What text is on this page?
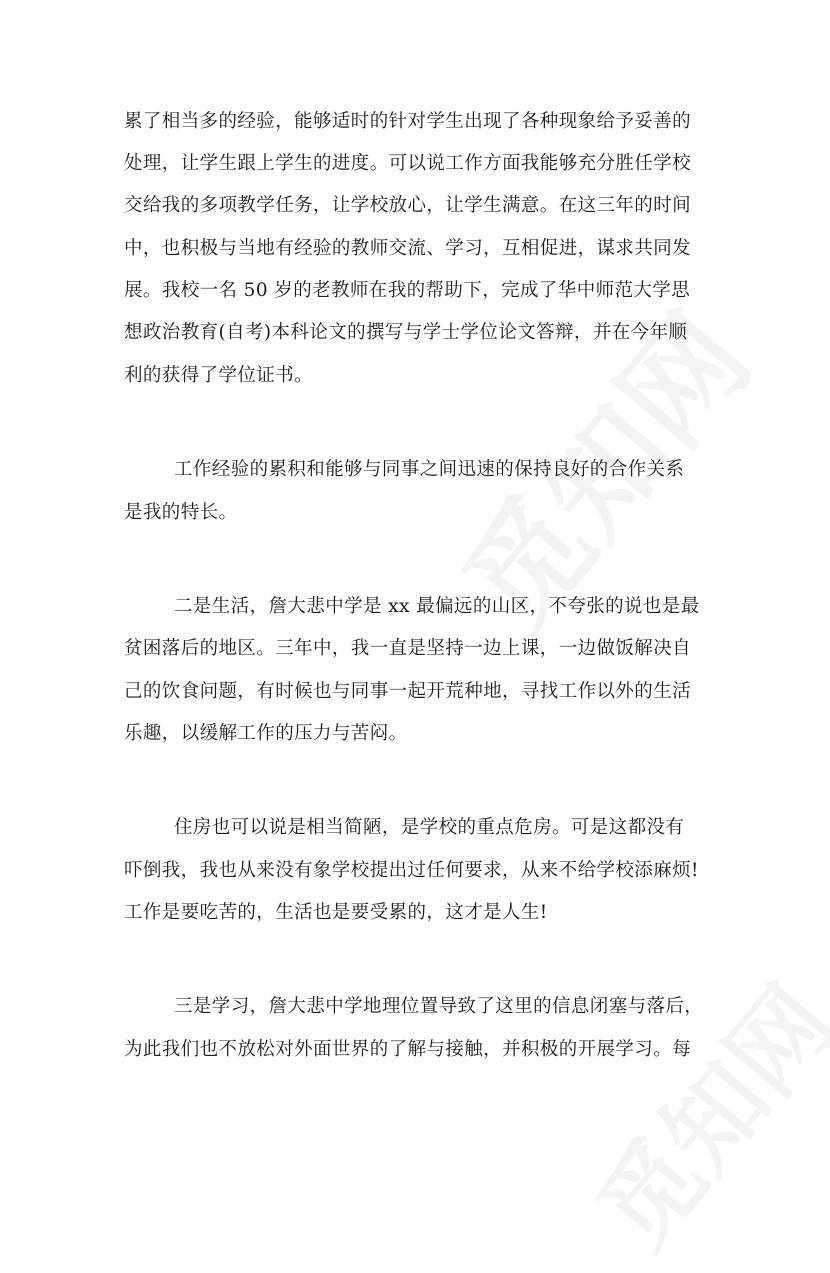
累了相当多的经验，能够适时的针对学生出现了各种现象给予妥善的
处理，让学生跟上学生的进度。可以说工作方面我能够充分胜任学校
交给我的多项教学任务，让学校放心，让学生满意。在这三年的时间
中，也积极与当地有经验的教师交流、学习，互相促进，谋求共同发
展。我校一名 50 岁的老教师在我的帮助下，完成了华中师范大学思
想政治教育(自考)本科论文的撰写与学士学位论文答辩，并在今年顺
利的获得了学位证书。
工作经验的累积和能够与同事之间迅速的保持良好的合作关系
是我的特长。
二是生活，詹大悲中学是 xx 最偏远的山区，不夸张的说也是最
贫困落后的地区。三年中，我一直是坚持一边上课，一边做饭解决自
己的饮食问题，有时候也与同事一起开荒种地，寻找工作以外的生活
乐趣，以缓解工作的压力与苦闷。
住房也可以说是相当简陋，是学校的重点危房。可是这都没有
吓倒我，我也从来没有象学校提出过任何要求，从来不给学校添麻烦!
工作是要吃苦的，生活也是要受累的，这才是人生!
三是学习，詹大悲中学地理位置导致了这里的信息闭塞与落后，
为此我们也不放松对外面世界的了解与接触，并积极的开展学习。每
